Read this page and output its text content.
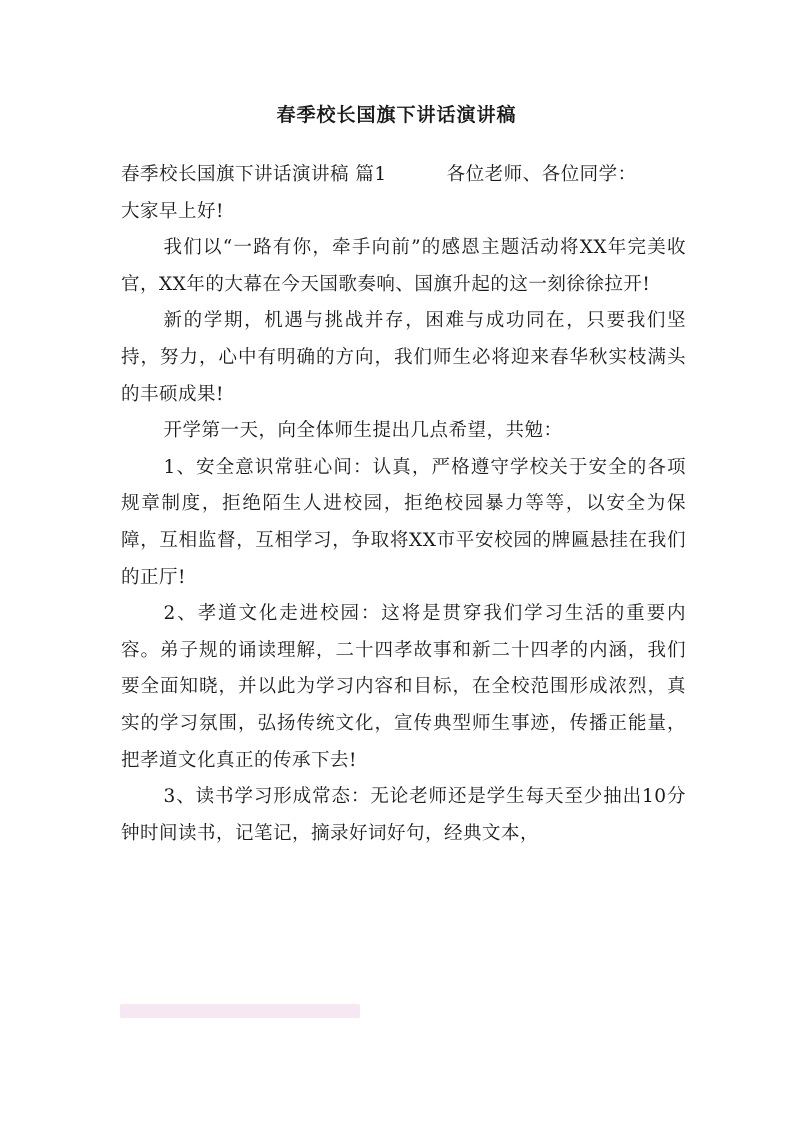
春季校长国旗下讲话演讲稿

春季校长国旗下讲话演讲稿 篇1	各位老师、各位同学：

大家早上好!

我们以“一路有你，牵手向前”的感恩主题活动将XX年完美收官，XX年的大幕在今天国歌奏响、国旗升起的这一刻徐徐拉开!

新的学期，机遇与挑战并存，困难与成功同在，只要我们坚持，努力，心中有明确的方向，我们师生必将迎来春华秋实枝满头的丰硕成果!

开学第一天，向全体师生提出几点希望，共勉：

1、安全意识常驻心间：认真，严格遵守学校关于安全的各项规章制度，拒绝陌生人进校园，拒绝校园暴力等等，以安全为保障，互相监督，互相学习，争取将XX市平安校园的牌匾悬挂在我们的正厅!

2、孝道文化走进校园：这将是贯穿我们学习生活的重要内容。弟子规的诵读理解，二十四孝故事和新二十四孝的内涵，我们要全面知晓，并以此为学习内容和目标，在全校范围形成浓烈，真实的学习氛围，弘扬传统文化，宣传典型师生事迹，传播正能量，把孝道文化真正的传承下去!

3、读书学习形成常态：无论老师还是学生每天至少抽出10分钟时间读书，记笔记，摘录好词好句，经典文本，
